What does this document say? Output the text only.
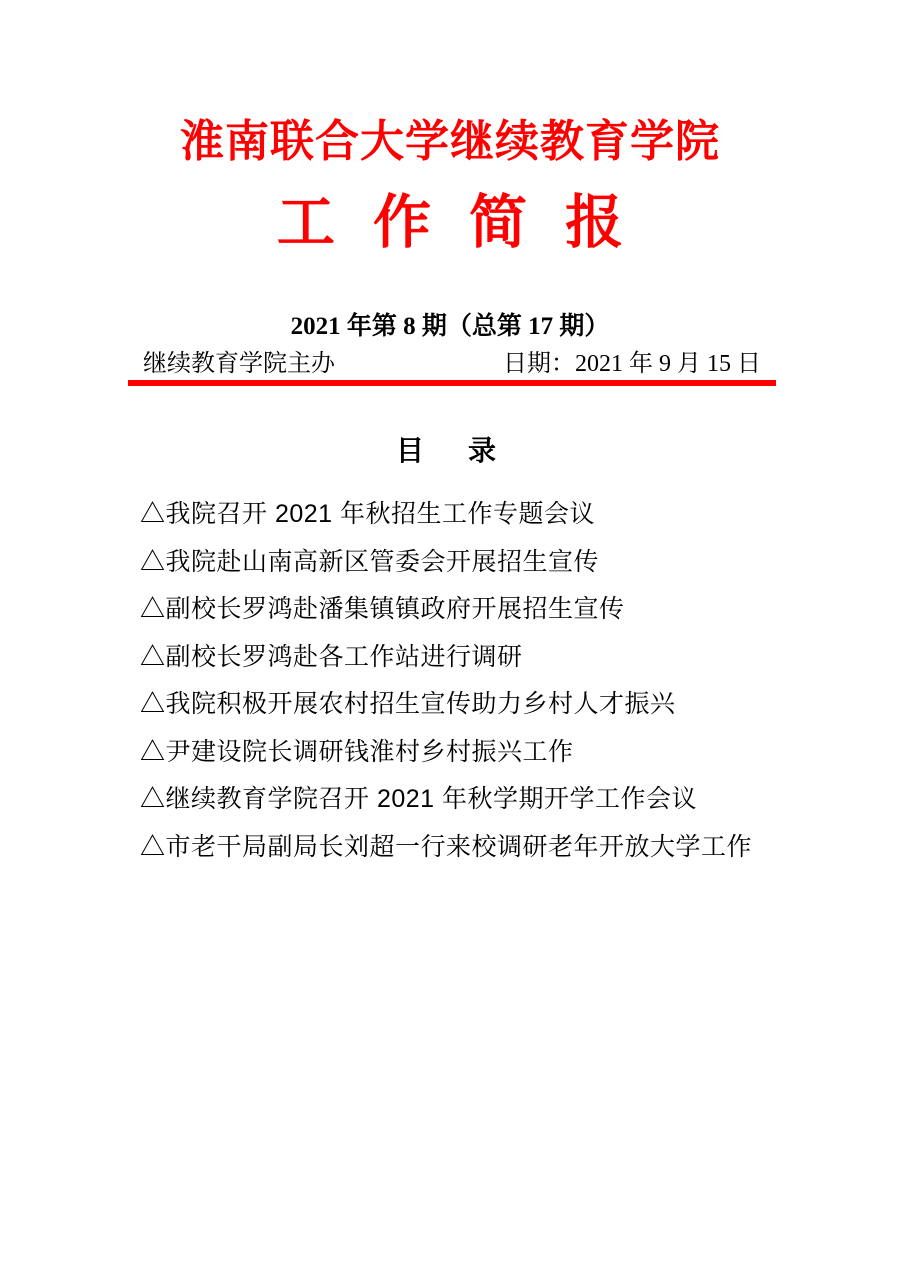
淮南联合大学继续教育学院
工 作 简 报

2021 年第 8 期（总第 17 期）

继续教育学院主办	日期：2021 年 9 月 15 日
目　录
△我院召开 2021 年秋招生工作专题会议
△我院赴山南高新区管委会开展招生宣传
△副校长罗鸿赴潘集镇镇政府开展招生宣传
△副校长罗鸿赴各工作站进行调研
△我院积极开展农村招生宣传助力乡村人才振兴
△尹建设院长调研钱淮村乡村振兴工作
△继续教育学院召开 2021 年秋学期开学工作会议
△市老干局副局长刘超一行来校调研老年开放大学工作
